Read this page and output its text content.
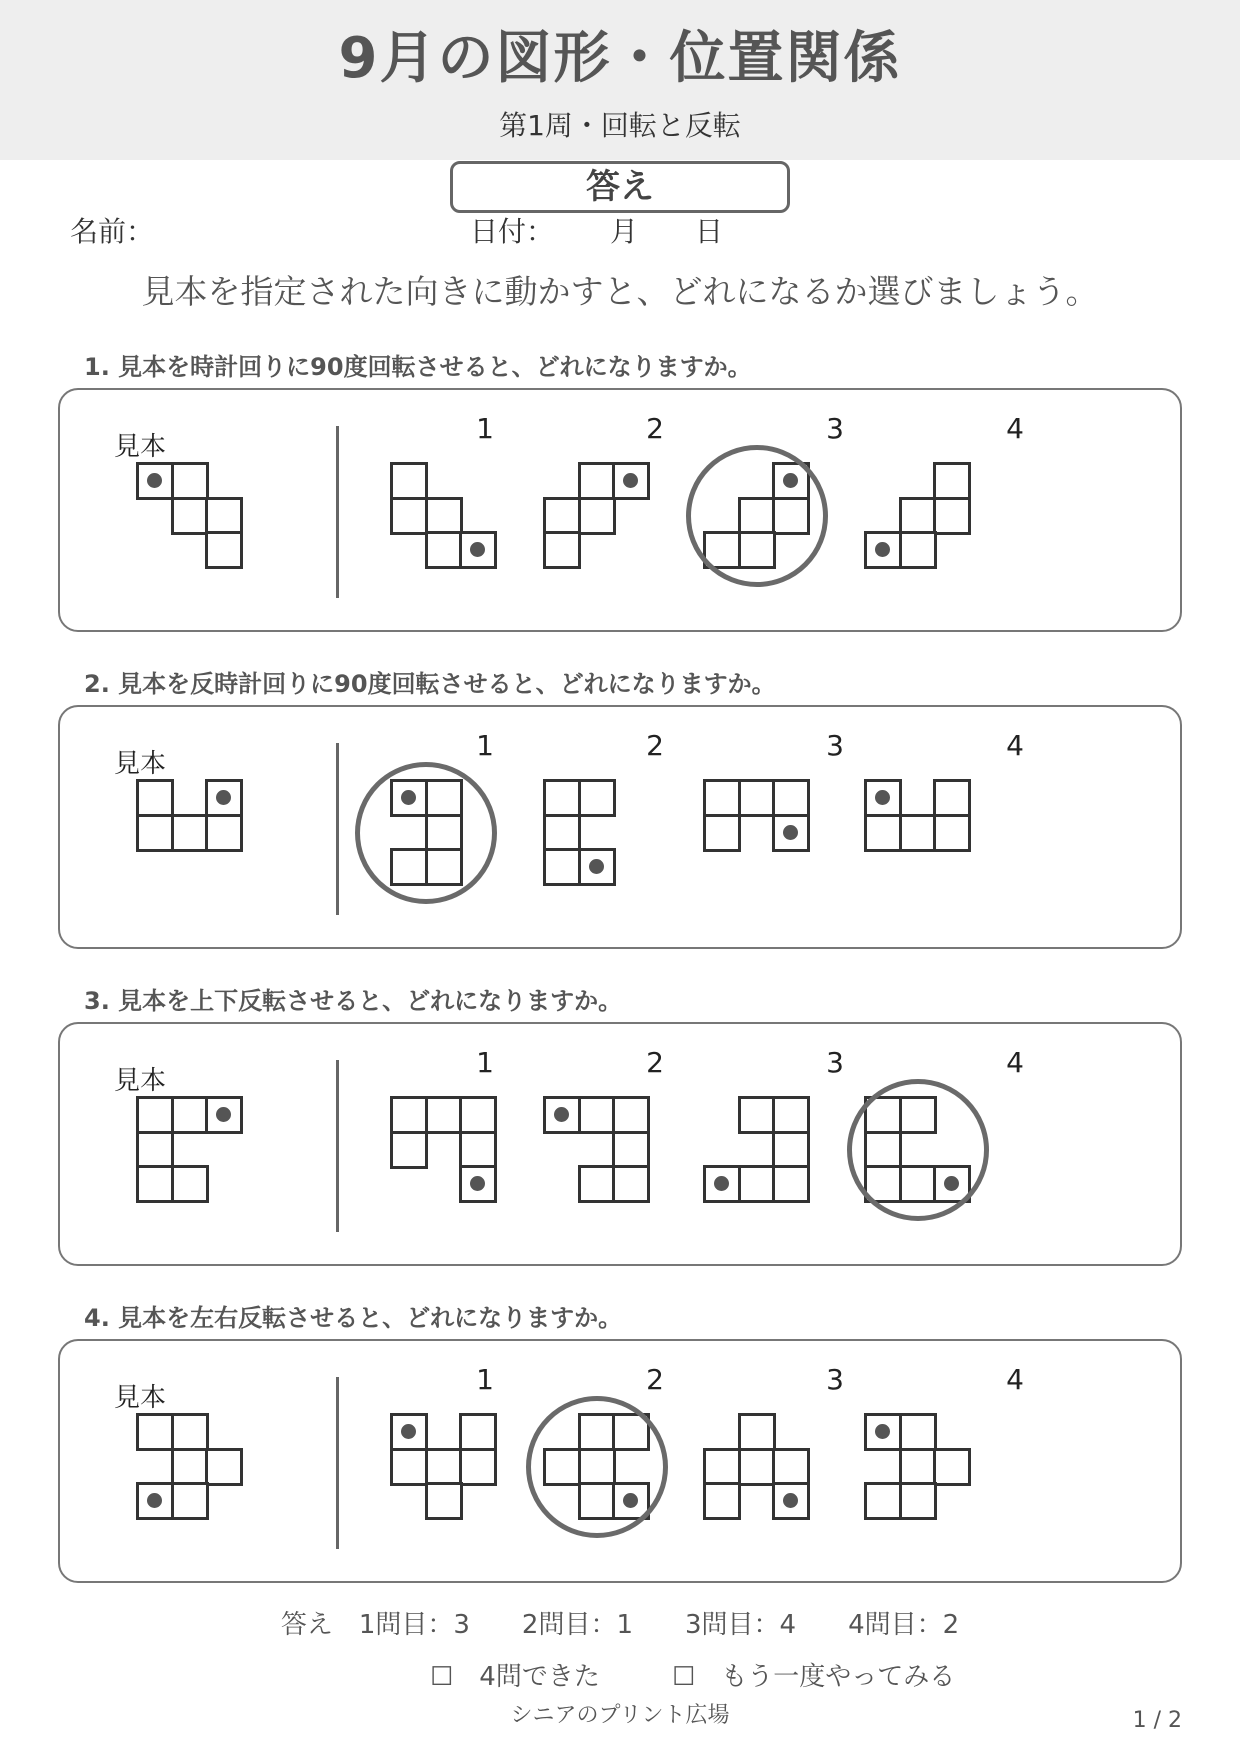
9月の図形・位置関係
第1周・回転と反転
答え
名前：	日付： 月 日
見本を指定された向きに動かすと、どれになるか選びましょう。
1. 見本を時計回りに90度回転させると、どれになりますか。
見本
1	2	3	4
2. 見本を反時計回りに90度回転させると、どれになりますか。
見本
1	2	3	4
3. 見本を上下反転させると、どれになりますか。
見本
1	2	3	4
4. 見本を左右反転させると、どれになりますか。
見本
1	2	3	4
答え　1問目：3　　2問目：1　　3問目：4　　4問目：2
☐　4問できた	☐　もう一度やってみる
シニアのプリント広場	1 / 2
